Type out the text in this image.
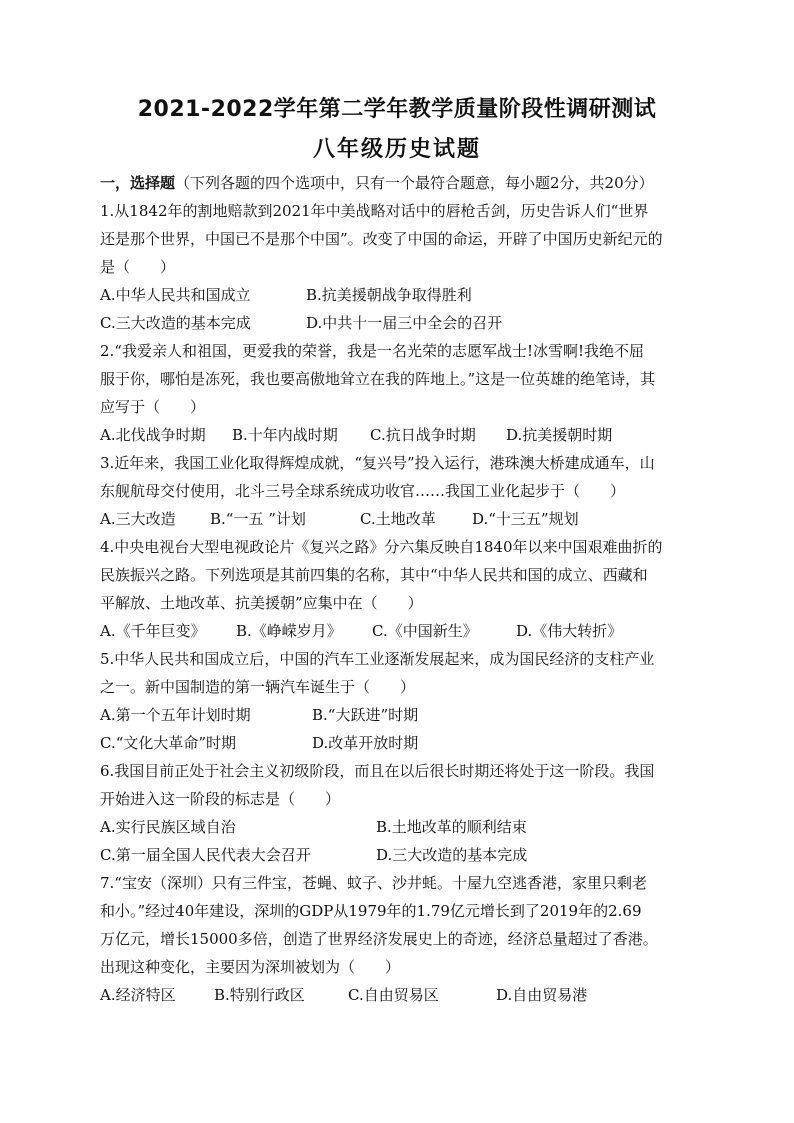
2021-2022学年第二学年教学质量阶段性调研测试
八年级历史试题
一，选择题（下列各题的四个选项中，只有一个最符合题意，每小题2分，共20分）
1.从1842年的割地赔款到2021年中美战略对话中的唇枪舌剑，历史告诉人们“世界
还是那个世界，中国已不是那个中国”。改变了中国的命运，开辟了中国历史新纪元的
是（　　）
A.中华人民共和国成立	B.抗美援朝战争取得胜利
C.三大改造的基本完成	D.中共十一届三中全会的召开
2.“我爱亲人和祖国，更爱我的荣誉，我是一名光荣的志愿军战士!冰雪啊!我绝不屈
服于你，哪怕是冻死，我也要高傲地耸立在我的阵地上。”这是一位英雄的绝笔诗，其
应写于（　　）
A.北伐战争时期 B.十年内战时期 C.抗日战争时期 D.抗美援朝时期
3.近年来，我国工业化取得辉煌成就，“复兴号”投入运行，港珠澳大桥建成通车，山
东舰航母交付使用，北斗三号全球系统成功收官……我国工业化起步于（　　）
A.三大改造 B.“一五 ”计划	C.土地改革 D.“十三五”规划
4.中央电视台大型电视政论片《复兴之路》分六集反映自1840年以来中国艰难曲折的
民族振兴之路。下列选项是其前四集的名称，其中“中华人民共和国的成立、西藏和
平解放、土地改革、抗美援朝”应集中在（　　）
A.《千年巨变》 B.《峥嵘岁月》 C.《中国新生》	D.《伟大转折》
5.中华人民共和国成立后，中国的汽车工业逐渐发展起来，成为国民经济的支柱产业
之一。新中国制造的第一辆汽车诞生于（　　）
A.第一个五年计划时期	B.“大跃进”时期
C.“文化大革命”时期	D.改革开放时期
6.我国目前正处于社会主义初级阶段，而且在以后很长时期还将处于这一阶段。我国
开始进入这一阶段的标志是（　　）
A.实行民族区域自治	B.土地改革的顺利结束
C.第一届全国人民代表大会召开	D.三大改造的基本完成
7.“宝安（深圳）只有三件宝，苍蝇、蚊子、沙井蚝。十屋九空逃香港，家里只剩老
和小。”经过40年建设，深圳的GDP从1979年的1.79亿元增长到了2019年的2.69
万亿元，增长15000多倍，创造了世界经济发展史上的奇迹，经济总量超过了香港。
出现这种变化，主要因为深圳被划为（　　）
A.经济特区	B.特别行政区	C.自由贸易区	D.自由贸易港
